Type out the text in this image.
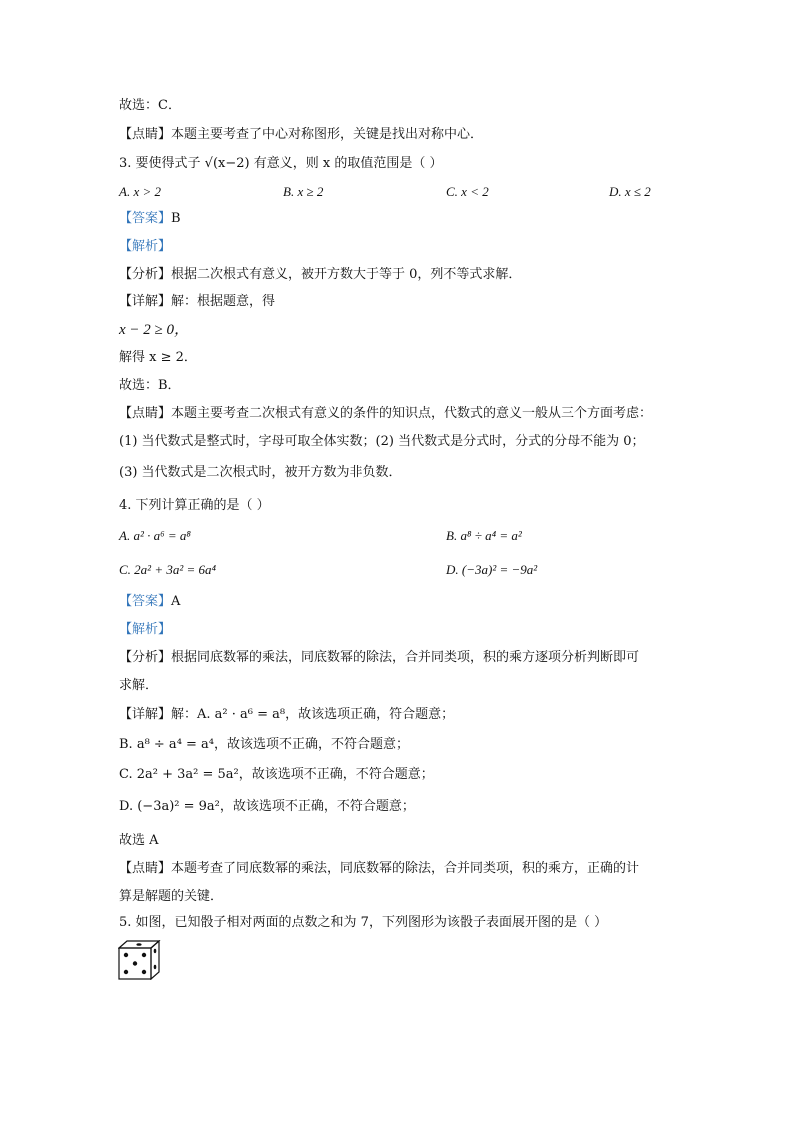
故选：C．
【点睛】本题主要考查了中心对称图形，关键是找出对称中心．
3. 要使得式子 √(x−2) 有意义，则 x 的取值范围是（ ）
A. x > 2	B. x ≥ 2	C. x < 2	D. x ≤ 2
【答案】B
【解析】
【分析】根据二次根式有意义，被开方数大于等于 0，列不等式求解．
【详解】解：根据题意，得
x − 2 ≥ 0，
解得 x ≥ 2．
故选：B．
【点睛】本题主要考查二次根式有意义的条件的知识点，代数式的意义一般从三个方面考虑：
(1) 当代数式是整式时，字母可取全体实数；(2) 当代数式是分式时，分式的分母不能为 0；
(3) 当代数式是二次根式时，被开方数为非负数．
4. 下列计算正确的是（ ）
A. a² · a⁶ = a⁸	B. a⁸ ÷ a⁴ = a²
C. 2a² + 3a² = 6a⁴	D. (−3a)² = −9a²
【答案】A
【解析】
【分析】根据同底数幂的乘法，同底数幂的除法，合并同类项，积的乘方逐项分析判断即可
求解．
【详解】解：A. a² · a⁶ = a⁸，故该选项正确，符合题意；
B. a⁸ ÷ a⁴ = a⁴，故该选项不正确，不符合题意；
C. 2a² + 3a² = 5a²，故该选项不正确，不符合题意；
D. (−3a)² = 9a²，故该选项不正确，不符合题意；
故选 A
【点睛】本题考查了同底数幂的乘法，同底数幂的除法，合并同类项，积的乘方，正确的计
算是解题的关键．
5. 如图，已知骰子相对两面的点数之和为 7，下列图形为该骰子表面展开图的是（ ）
